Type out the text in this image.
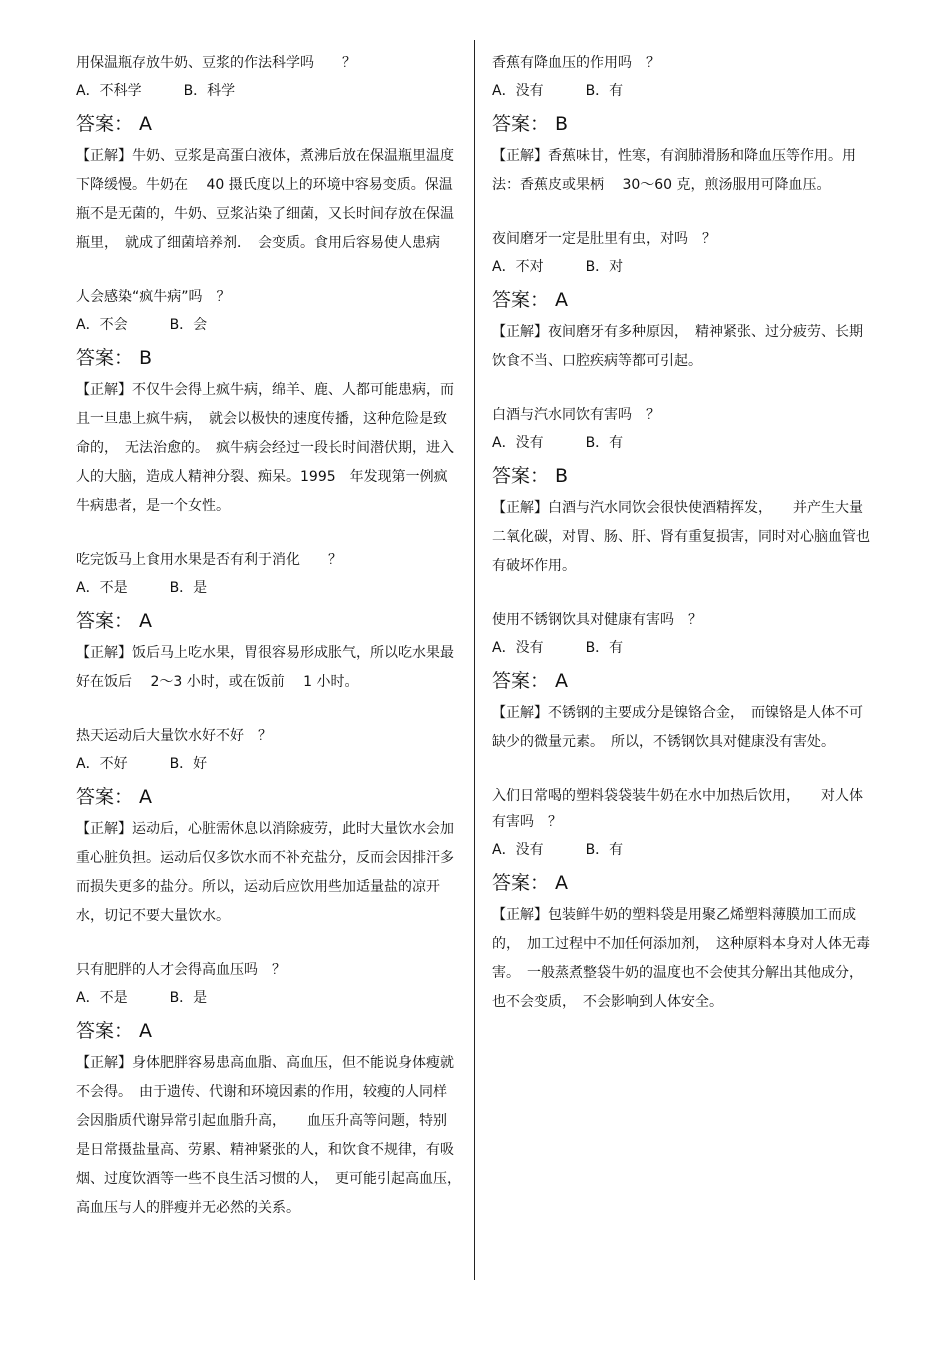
用保温瓶存放牛奶、豆浆的作法科学吗　　？
A．不科学　　　B．科学
答案： A
【正解】牛奶、豆浆是高蛋白液体，煮沸后放在保温瓶里温度下降缓慢。牛奶在　 40 摄氏度以上的环境中容易变质。保温瓶不是无菌的，牛奶、豆浆沾染了细菌，又长时间存放在保温瓶里，　就成了细菌培养剂．　会变质。食用后容易使人患病
人会感染“疯牛病”吗　？
A．不会　　　B．会
答案： B
【正解】不仅牛会得上疯牛病，绵羊、鹿、人都可能患病，而且一旦患上疯牛病，　就会以极快的速度传播，这种危险是致命的，　无法治愈的。　疯牛病会经过一段长时间潜伏期，进入人的大脑，造成人精神分裂、痴呆。1995　年发现第一例疯牛病患者，是一个女性。
吃完饭马上食用水果是否有利于消化　　？
A．不是　　　B．是
答案： A
【正解】饭后马上吃水果，胃很容易形成胀气，所以吃水果最好在饭后　 2～3 小时，或在饭前　 1 小时。
热天运动后大量饮水好不好　？
A．不好　　　B．好
答案： A
【正解】运动后，心脏需休息以消除疲劳，此时大量饮水会加重心脏负担。运动后仅多饮水而不补充盐分，反而会因排汗多而损失更多的盐分。所以，运动后应饮用些加适量盐的凉开水，切记不要大量饮水。
只有肥胖的人才会得高血压吗　？
A．不是　　　B．是
答案： A
【正解】身体肥胖容易患高血脂、高血压，但不能说身体瘦就不会得。　由于遗传、代谢和环境因素的作用，较瘦的人同样会因脂质代谢异常引起血脂升高，　　血压升高等问题，特别是日常摄盐量高、劳累、精神紧张的人，和饮食不规律，有吸烟、过度饮酒等一些不良生活习惯的人，　更可能引起高血压，　高血压与人的胖瘦并无必然的关系。
香蕉有降血压的作用吗　？
A．没有　　　B．有
答案： B
【正解】香蕉味甘，性寒，有润肺滑肠和降血压等作用。用法：香蕉皮或果柄　 30～60 克，煎汤服用可降血压。
夜间磨牙一定是肚里有虫，对吗　？
A．不对　　　B．对
答案： A
【正解】夜间磨牙有多种原因，　精神紧张、过分疲劳、长期饮食不当、口腔疾病等都可引起。
白酒与汽水同饮有害吗　？
A．没有　　　B．有
答案： B
【正解】白酒与汽水同饮会很快使酒精挥发，　　并产生大量二氧化碳，对胃、肠、肝、肾有重复损害，同时对心脑血管也有破坏作用。
使用不锈钢饮具对健康有害吗　？
A．没有　　　B．有
答案： A
【正解】不锈钢的主要成分是镍铬合金，　而镍铬是人体不可缺少的微量元素。　所以，不锈钢饮具对健康没有害处。
入们日常喝的塑料袋袋装牛奶在水中加热后饮用，　　对人体有害吗　？
A．没有　　　B．有
答案： A
【正解】包装鲜牛奶的塑料袋是用聚乙烯塑料薄膜加工而成的，　加工过程中不加任何添加剂，　这种原料本身对人体无毒害。　一般蒸煮整袋牛奶的温度也不会使其分解出其他成分，　也不会变质，　不会影响到人体安全。
